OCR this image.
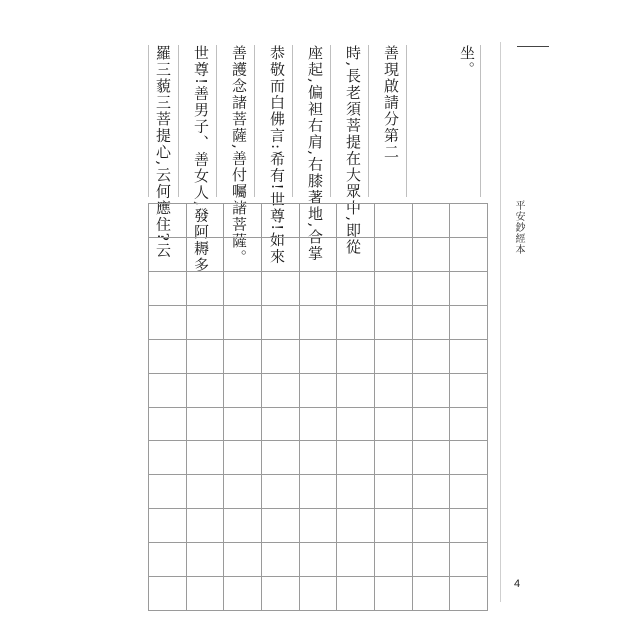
平安鈔經本
4
坐。
善現啟請分第二
時,長老須菩提在大眾中,即從
座起,偏袒右肩,右膝著地,合掌
恭敬而白佛言:希有!世尊!如來
善護念諸菩薩,善付囑諸菩薩。
世尊!善男子、善女人,發阿耨多
羅三藐三菩提心,云何應住?云
